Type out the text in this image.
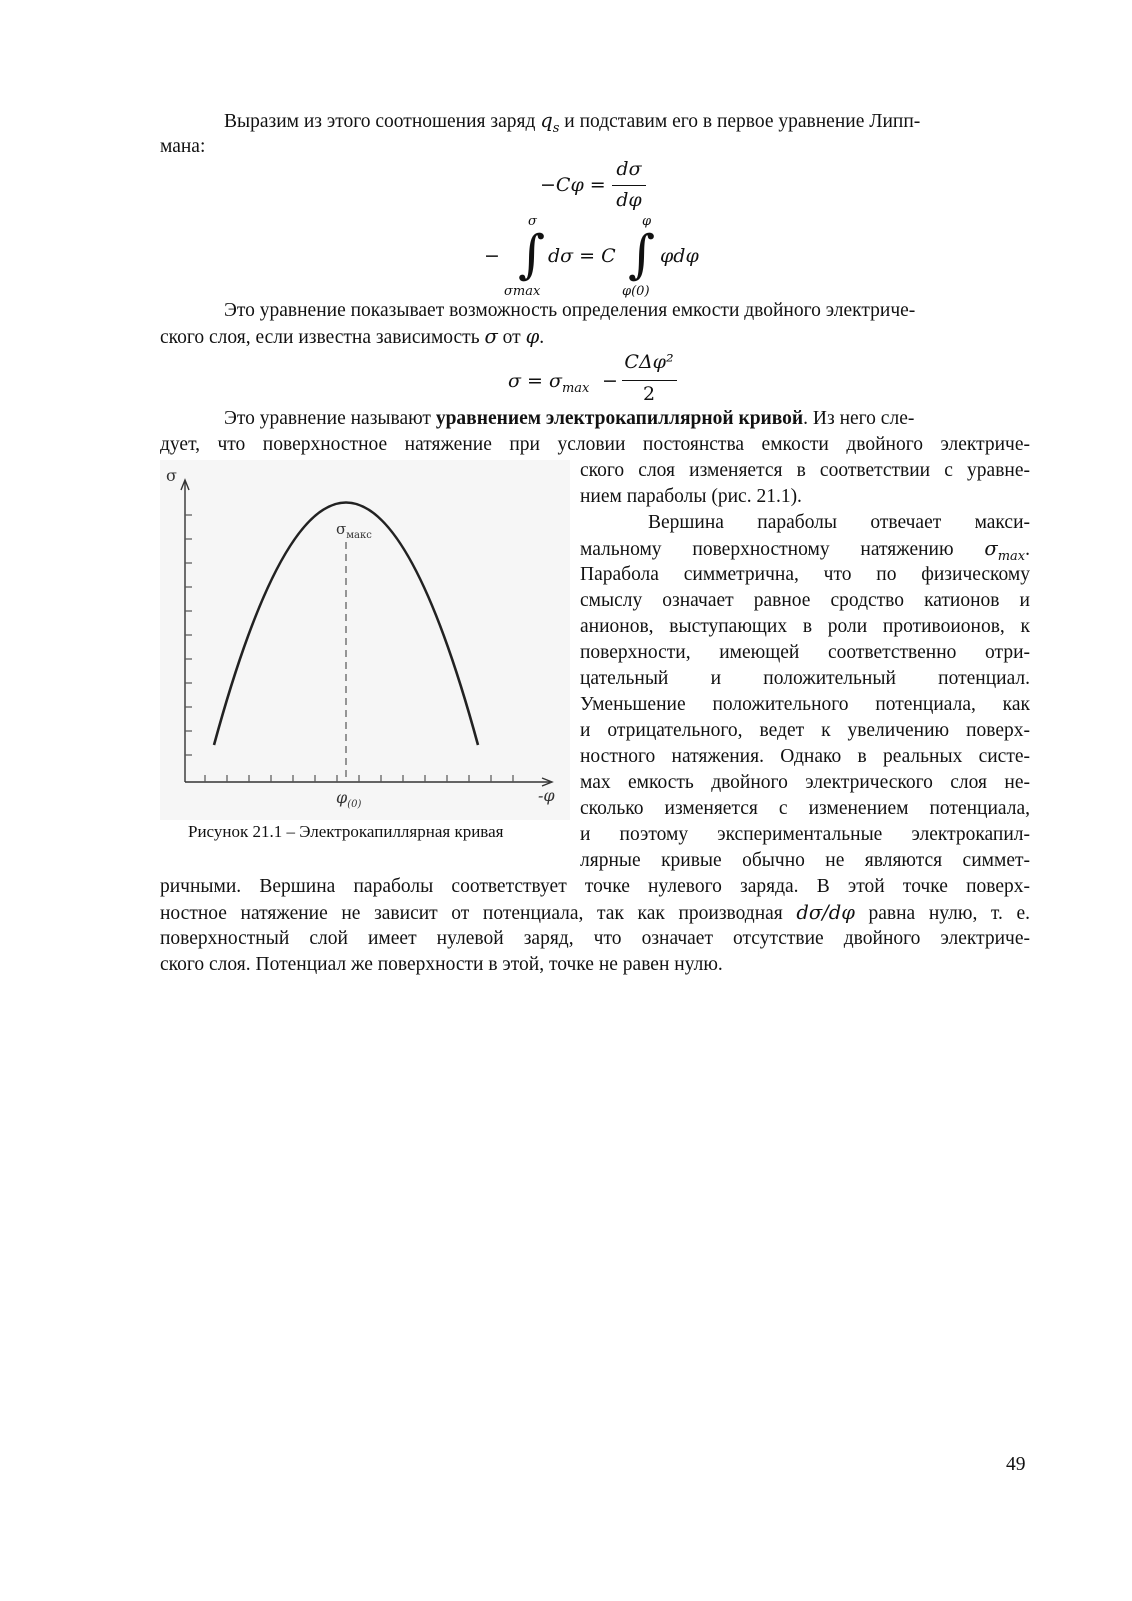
Выразим из этого соотношения заряд $q_s$ и подставим его в первое уравнение Липп-
мана:
−Cφ =
dσ
dφ
−
σ
∫
σmax
dσ = C
φ
∫
φ(0)
φdφ
Это уравнение показывает возможность определения емкости двойного электриче-
ского слоя, если известна зависимость σ от φ.
$\sigma = \sigma_{max}$ −
CΔφ²
2
Это уравнение называют уравнением электрокапиллярной кривой. Из него сле-
дует, что поверхностное натяжение при условии постоянства емкости двойного электриче-
ского слоя изменяется в соответствии с уравне-
нием параболы (рис. 21.1).
Вершина параболы отвечает макси-
мальному поверхностному натяжению $\sigma_{max}$.
Парабола симметрична, что по физическому
смыслу означает равное сродство катионов и
анионов, выступающих в роли противоионов, к
поверхности, имеющей соответственно отри-
цательный и положительный потенциал.
Уменьшение положительного потенциала, как
и отрицательного, ведет к увеличению поверх-
ностного натяжения. Однако в реальных систе-
мах емкость двойного электрического слоя не-
сколько изменяется с изменением потенциала,
и поэтому экспериментальные электрокапил-
лярные кривые обычно не являются симмет-
ричными. Вершина параболы соответствует точке нулевого заряда. В этой точке поверх-
ностное натяжение не зависит от потенциала, так как производная dσ/dφ равна нулю, т. е.
поверхностный слой имеет нулевой заряд, что означает отсутствие двойного электриче-
ского слоя. Потенциал же поверхности в этой, точке не равен нулю.
σ
$\sigma_{макс}$
$\varphi_{(0)}$	-φ
Рисунок 21.1 – Электрокапиллярная кривая
49
